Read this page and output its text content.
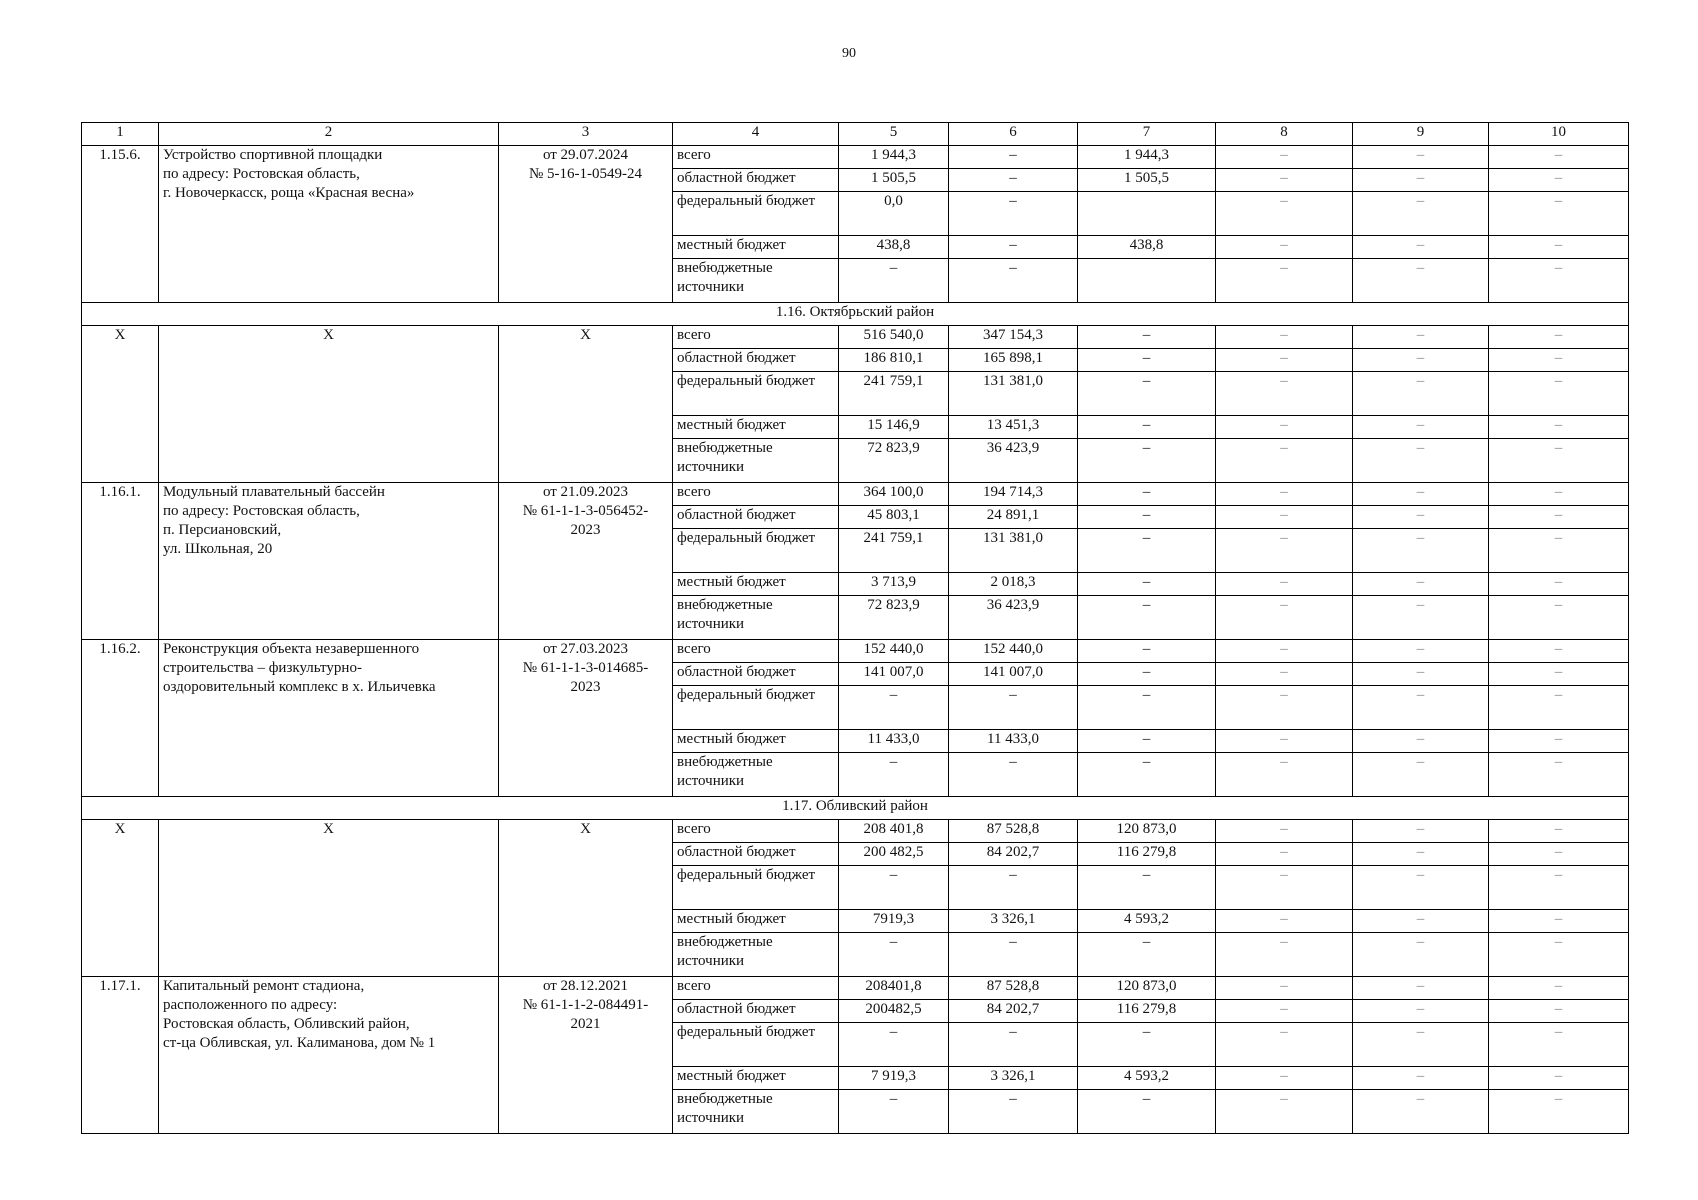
90
1	2	3	4	5	6	7	8	9	10
1.15.6.	Устройство спортивной площадки
по адресу: Ростовская область,
г. Новочеркасск, роща «Красная весна»	от 29.07.2024
№ 5-16-1-0549-24	всего	1 944,3	–	1 944,3	–	–	–
			областной бюджет	1 505,5	–	1 505,5	–	–	–
			федеральный бюджет	0,0	–		–	–	–
			местный бюджет	438,8	–	438,8	–	–	–
			внебюджетные источники	–	–		–	–	–
1.16. Октябрьский район									
Х	Х	Х	всего	516 540,0	347 154,3	–	–	–	–
			областной бюджет	186 810,1	165 898,1	–	–	–	–
			федеральный бюджет	241 759,1	131 381,0	–	–	–	–
			местный бюджет	15 146,9	13 451,3	–	–	–	–
			внебюджетные источники	72 823,9	36 423,9	–	–	–	–
1.16.1.	Модульный плавательный бассейн
по адресу: Ростовская область,
п. Персиановский,
ул. Школьная, 20	от 21.09.2023
№ 61-1-1-3-056452-
2023	всего	364 100,0	194 714,3	–	–	–	–
			областной бюджет	45 803,1	24 891,1	–	–	–	–
			федеральный бюджет	241 759,1	131 381,0	–	–	–	–
			местный бюджет	3 713,9	2 018,3	–	–	–	–
			внебюджетные источники	72 823,9	36 423,9	–	–	–	–
1.16.2.	Реконструкция объекта незавершенного
строительства – физкультурно-
оздоровительный комплекс в х. Ильичевка	от 27.03.2023
№ 61-1-1-3-014685-
2023	всего	152 440,0	152 440,0	–	–	–	–
			областной бюджет	141 007,0	141 007,0	–	–	–	–
			федеральный бюджет	–	–	–	–	–	–
			местный бюджет	11 433,0	11 433,0	–	–	–	–
			внебюджетные источники	–	–	–	–	–	–
1.17. Обливский район									
Х	Х	Х	всего	208 401,8	87 528,8	120 873,0	–	–	–
			областной бюджет	200 482,5	84 202,7	116 279,8	–	–	–
			федеральный бюджет	–	–	–	–	–	–
			местный бюджет	7919,3	3 326,1	4 593,2	–	–	–
			внебюджетные источники	–	–	–	–	–	–
1.17.1.	Капитальный ремонт стадиона,
расположенного по адресу:
Ростовская область, Обливский район,
ст-ца Обливская, ул. Калиманова, дом № 1	от 28.12.2021
№ 61-1-1-2-084491-
2021	всего	208401,8	87 528,8	120 873,0	–	–	–
			областной бюджет	200482,5	84 202,7	116 279,8	–	–	–
			федеральный бюджет	–	–	–	–	–	–
			местный бюджет	7 919,3	3 326,1	4 593,2	–	–	–
			внебюджетные источники	–	–	–	–	–	–
